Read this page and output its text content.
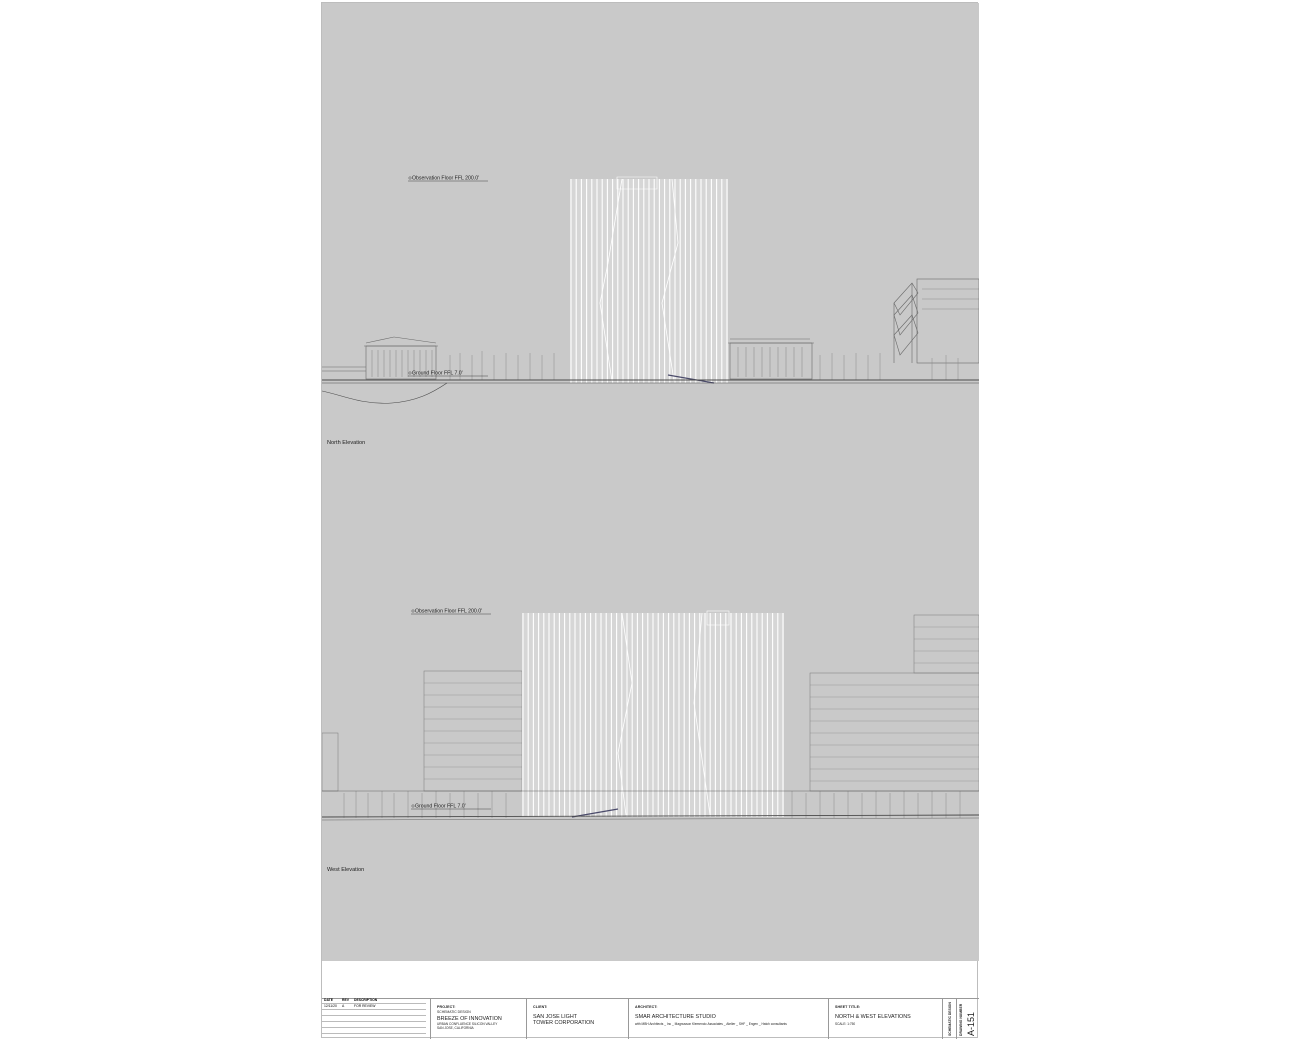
Observation Floor FFL 200.0'
Ground Floor FFL 7.0'
North Elevation
Observation Floor FFL 200.0'
Ground Floor FFL 7.0'
West Elevation
DATE	REV DESCRIPTION
12/11/20 A	FOR REVIEW	PROJECT:
SCHEMATIC DESIGN
BREEZE OF INNOVATION
URBAN CONFLUENCE SILICON VALLEY
SAN JOSE, CALIFORNIA
CLIENT:
SAN JOSE LIGHT
TOWER CORPORATION
ARCHITECT:
SMAR ARCHITECTURE STUDIO
with MBH Architects _ Inc _ Magnusson Klemencic Associates _ Atelier _ SHF _ Engen _ Hatch consultants
SHEET TITLE:
NORTH & WEST ELEVATIONS
SCALE: 1:750	SCHEMATIC DESIGN DRAWING NUMBER A-151
